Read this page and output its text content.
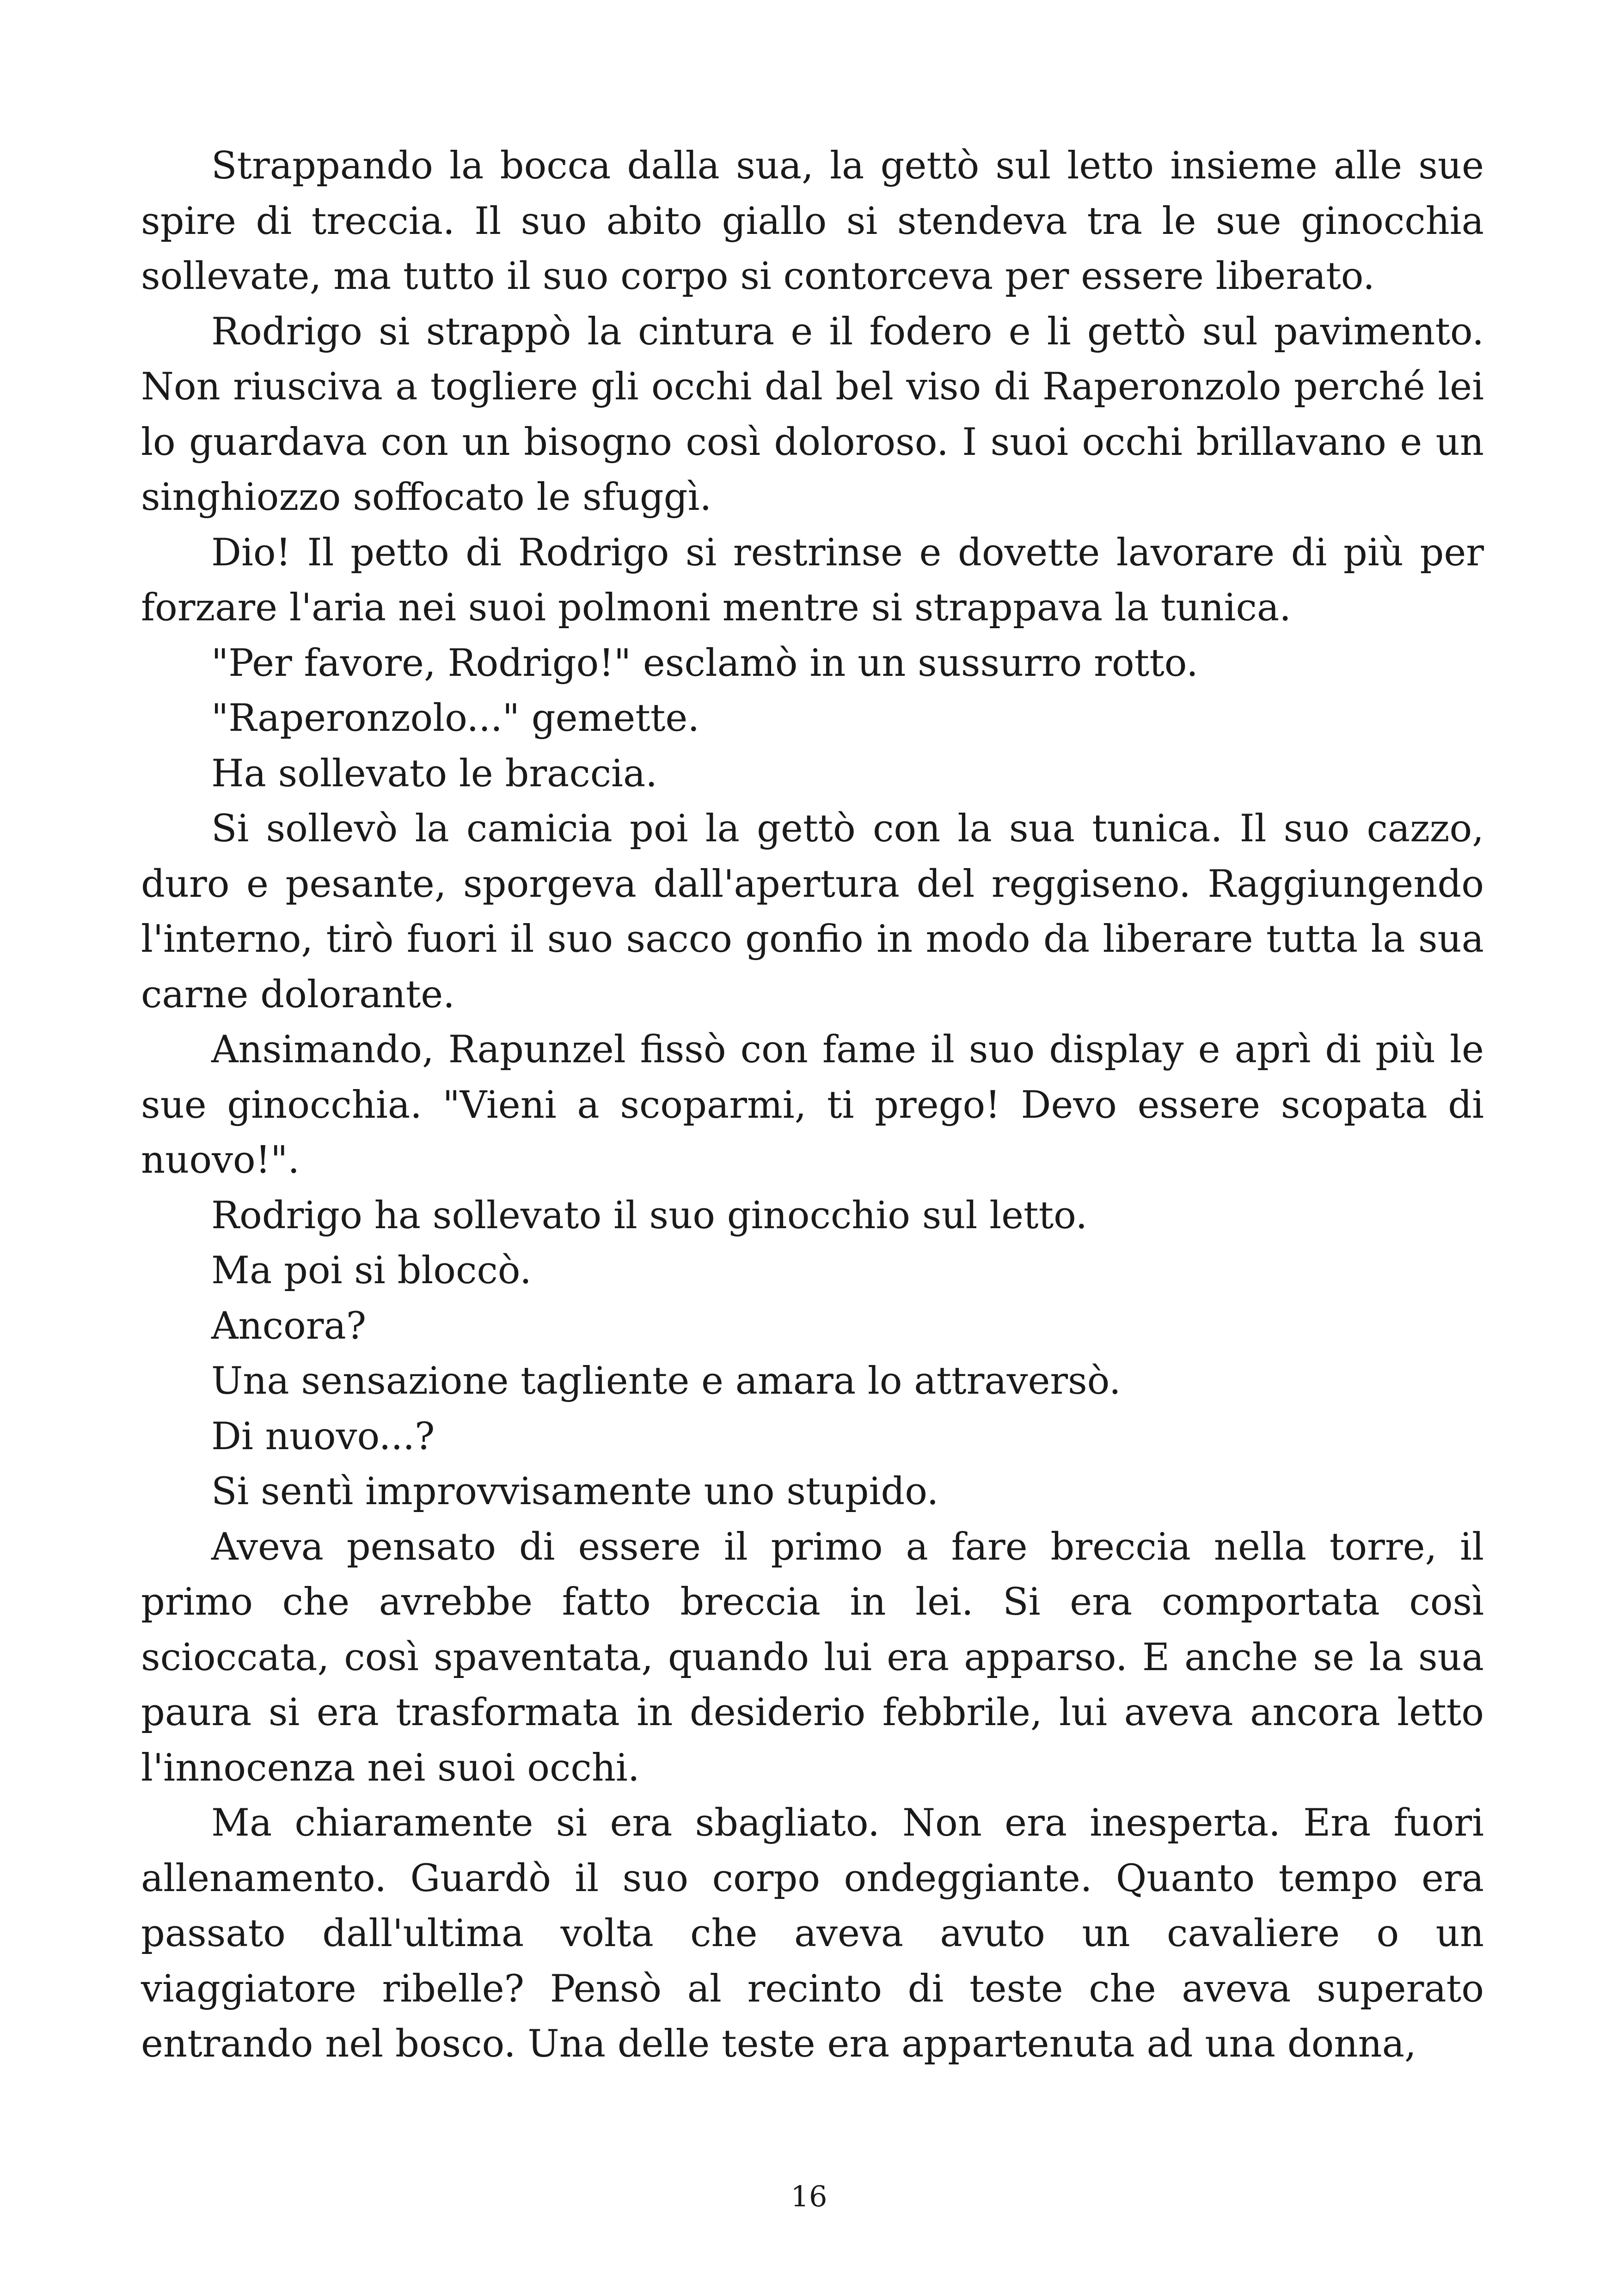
Strappando la bocca dalla sua, la gettò sul letto insieme alle sue spire di treccia. Il suo abito giallo si stendeva tra le sue ginocchia sollevate, ma tutto il suo corpo si contorceva per essere liberato.

Rodrigo si strappò la cintura e il fodero e li gettò sul pavimento. Non riusciva a togliere gli occhi dal bel viso di Raperonzolo perché lei lo guardava con un bisogno così doloroso. I suoi occhi brillavano e un singhiozzo soffocato le sfuggì.

Dio! Il petto di Rodrigo si restrinse e dovette lavorare di più per forzare l'aria nei suoi polmoni mentre si strappava la tunica.

"Per favore, Rodrigo!" esclamò in un sussurro rotto.

"Raperonzolo..." gemette.

Ha sollevato le braccia.

Si sollevò la camicia poi la gettò con la sua tunica. Il suo cazzo, duro e pesante, sporgeva dall'apertura del reggiseno. Raggiungendo l'interno, tirò fuori il suo sacco gonfio in modo da liberare tutta la sua carne dolorante.

Ansimando, Rapunzel fissò con fame il suo display e aprì di più le sue ginocchia. "Vieni a scoparmi, ti prego! Devo essere scopata di nuovo!".

Rodrigo ha sollevato il suo ginocchio sul letto.

Ma poi si bloccò.

Ancora?

Una sensazione tagliente e amara lo attraversò.

Di nuovo...?

Si sentì improvvisamente uno stupido.

Aveva pensato di essere il primo a fare breccia nella torre, il primo che avrebbe fatto breccia in lei. Si era comportata così scioccata, così spaventata, quando lui era apparso. E anche se la sua paura si era trasformata in desiderio febbrile, lui aveva ancora letto l'innocenza nei suoi occhi.

Ma chiaramente si era sbagliato. Non era inesperta. Era fuori allenamento. Guardò il suo corpo ondeggiante. Quanto tempo era passato dall'ultima volta che aveva avuto un cavaliere o un viaggiatore ribelle? Pensò al recinto di teste che aveva superato entrando nel bosco. Una delle teste era appartenuta ad una donna,

16
